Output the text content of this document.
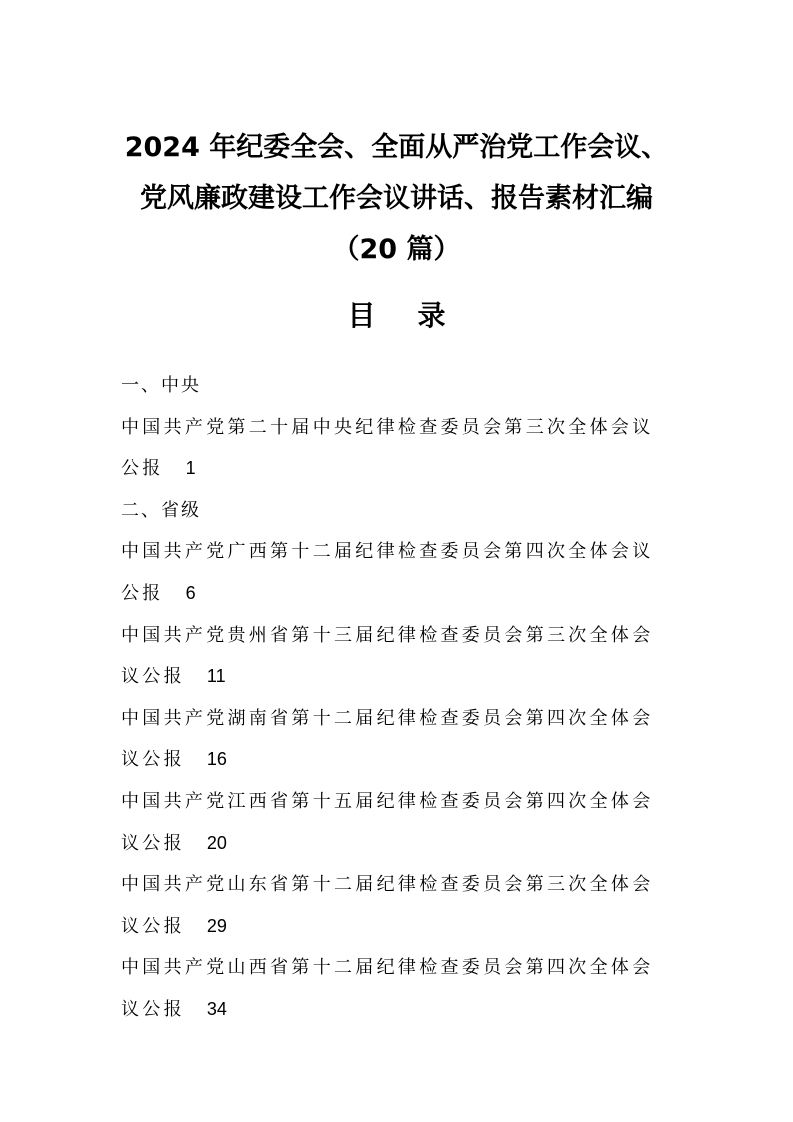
2024 年纪委全会、全面从严治党工作会议、
党风廉政建设工作会议讲话、报告素材汇编
（20 篇）
目 录
一、中央
中国共产党第二十届中央纪律检查委员会第三次全体会议
公报 1
二、省级
中国共产党广西第十二届纪律检查委员会第四次全体会议
公报 6
中国共产党贵州省第十三届纪律检查委员会第三次全体会
议公报 11
中国共产党湖南省第十二届纪律检查委员会第四次全体会
议公报 16
中国共产党江西省第十五届纪律检查委员会第四次全体会
议公报 20
中国共产党山东省第十二届纪律检查委员会第三次全体会
议公报 29
中国共产党山西省第十二届纪律检查委员会第四次全体会
议公报 34
